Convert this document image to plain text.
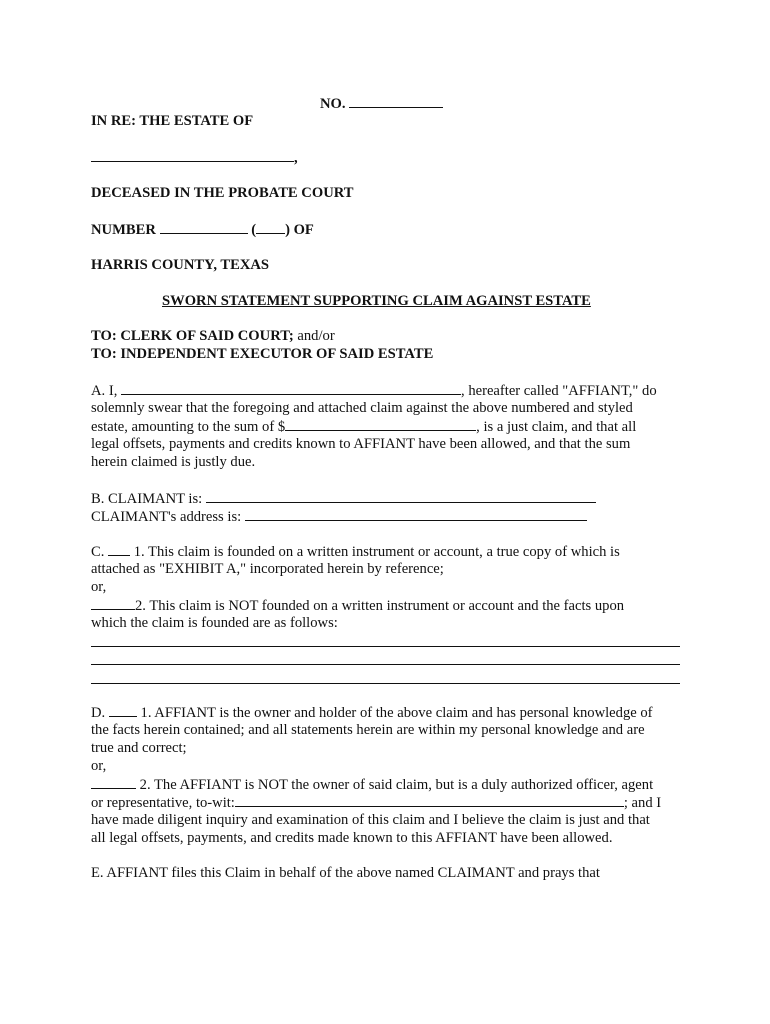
NO.
IN RE: THE ESTATE OF
,
DECEASED IN THE PROBATE COURT
NUMBER	( ) OF
HARRIS COUNTY, TEXAS
SWORN STATEMENT SUPPORTING CLAIM AGAINST ESTATE
TO: CLERK OF SAID COURT; and/or
TO: INDEPENDENT EXECUTOR OF SAID ESTATE
A. I,	, hereafter called "AFFIANT," do
solemnly swear that the foregoing and attached claim against the above numbered and styled
estate, amounting to the sum of $	, is a just claim, and that all
legal offsets, payments and credits known to AFFIANT have been allowed, and that the sum
herein claimed is justly due.
B. CLAIMANT is:
CLAIMANT's address is:
C. 1. This claim is founded on a written instrument or account, a true copy of which is
attached as "EXHIBIT A," incorporated herein by reference;
or,
2. This claim is NOT founded on a written instrument or account and the facts upon
which the claim is founded are as follows:
D. 1. AFFIANT is the owner and holder of the above claim and has personal knowledge of
the facts herein contained; and all statements herein are within my personal knowledge and are
true and correct;
or,
2. The AFFIANT is NOT the owner of said claim, but is a duly authorized officer, agent
or representative, to-wit:	; and I
have made diligent inquiry and examination of this claim and I believe the claim is just and that
all legal offsets, payments, and credits made known to this AFFIANT have been allowed.
E. AFFIANT files this Claim in behalf of the above named CLAIMANT and prays that
